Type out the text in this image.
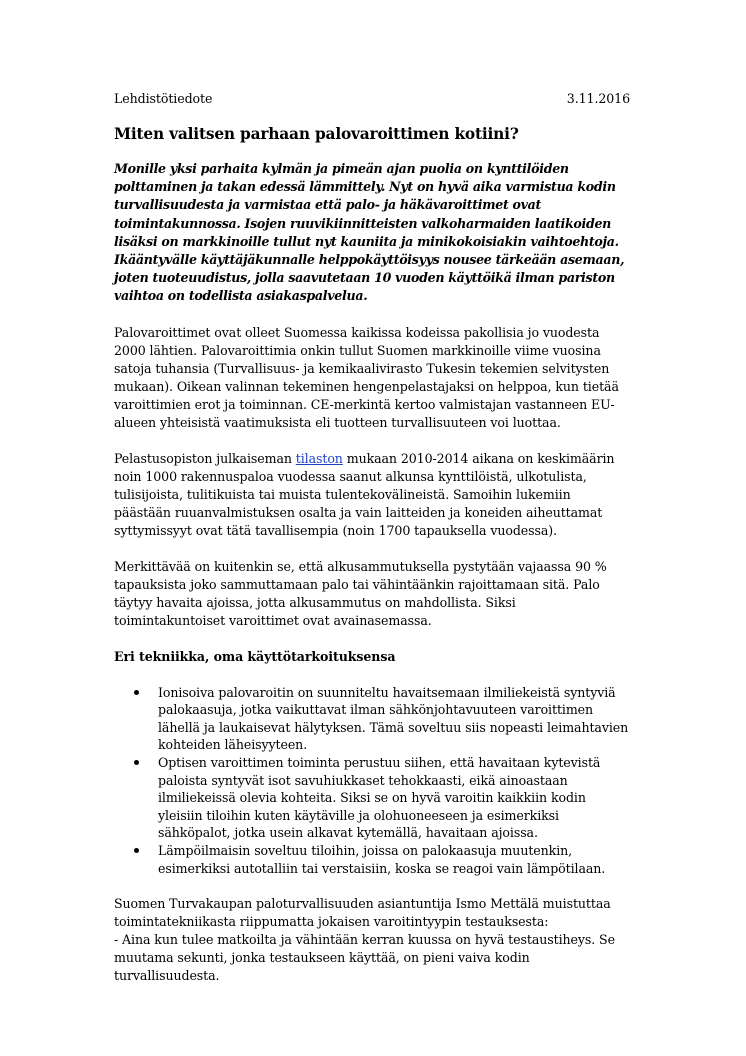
Lehdistötiedote	3.11.2016
Miten valitsen parhaan palovaroittimen kotiini?

Monille yksi parhaita kylmän ja pimeän ajan puolia on kynttilöiden polttaminen ja takan edessä lämmittely. Nyt on hyvä aika varmistua kodin turvallisuudesta ja varmistaa että palo- ja häkävaroittimet ovat toimintakunnossa. Isojen ruuvikiinnitteisten valkoharmaiden laatikoiden lisäksi on markkinoille tullut nyt kauniita ja minikokoisiakin vaihtoehtoja. Ikääntyvälle käyttäjäkunnalle helppokäyttöisyys nousee tärkeään asemaan, joten tuoteuudistus, jolla saavutetaan 10 vuoden käyttöikä ilman pariston vaihtoa on todellista asiakaspalvelua.

Palovaroittimet ovat olleet Suomessa kaikissa kodeissa pakollisia jo vuodesta 2000 lähtien. Palovaroittimia onkin tullut Suomen markkinoille viime vuosina satoja tuhansia (Turvallisuus- ja kemikaalivirasto Tukesin tekemien selvitysten mukaan). Oikean valinnan tekeminen hengenpelastajaksi on helppoa, kun tietää varoittimien erot ja toiminnan. CE-merkintä kertoo valmistajan vastanneen EU-alueen yhteisistä vaatimuksista eli tuotteen turvallisuuteen voi luottaa.

Pelastusopiston julkaiseman tilaston mukaan 2010-2014 aikana on keskimäärin noin 1000 rakennuspaloa vuodessa saanut alkunsa kynttilöistä, ulkotulista, tulisijoista, tulitikuista tai muista tulentekovälineistä. Samoihin lukemiin päästään ruuanvalmistuksen osalta ja vain laitteiden ja koneiden aiheuttamat syttymissyyt ovat tätä tavallisempia (noin 1700 tapauksella vuodessa).

Merkittävää on kuitenkin se, että alkusammutuksella pystytään vajaassa 90 % tapauksista joko sammuttamaan palo tai vähintäänkin rajoittamaan sitä. Palo täytyy havaita ajoissa, jotta alkusammutus on mahdollista. Siksi toimintakuntoiset varoittimet ovat avainasemassa.

Eri tekniikka, oma käyttötarkoituksensa
Ionisoiva palovaroitin on suunniteltu havaitsemaan ilmiliekeistä syntyviä palokaasuja, jotka vaikuttavat ilman sähkönjohtavuuteen varoittimen lähellä ja laukaisevat hälytyksen. Tämä soveltuu siis nopeasti leimahtavien kohteiden läheisyyteen.
Optisen varoittimen toiminta perustuu siihen, että havaitaan kytevistä paloista syntyvät isot savuhiukkaset tehokkaasti, eikä ainoastaan ilmiliekeissä olevia kohteita. Siksi se on hyvä varoitin kaikkiin kodin yleisiin tiloihin kuten käytäville ja olohuoneeseen ja esimerkiksi sähköpalot, jotka usein alkavat kytemällä, havaitaan ajoissa.
Lämpöilmaisin soveltuu tiloihin, joissa on palokaasuja muutenkin, esimerkiksi autotalliin tai verstaisiin, koska se reagoi vain lämpötilaan.

Suomen Turvakaupan paloturvallisuuden asiantuntija Ismo Mettälä muistuttaa toimintatekniikasta riippumatta jokaisen varoitintyypin testauksesta:

- Aina kun tulee matkoilta ja vähintään kerran kuussa on hyvä testaustiheys. Se muutama sekunti, jonka testaukseen käyttää, on pieni vaiva kodin turvallisuudesta.
